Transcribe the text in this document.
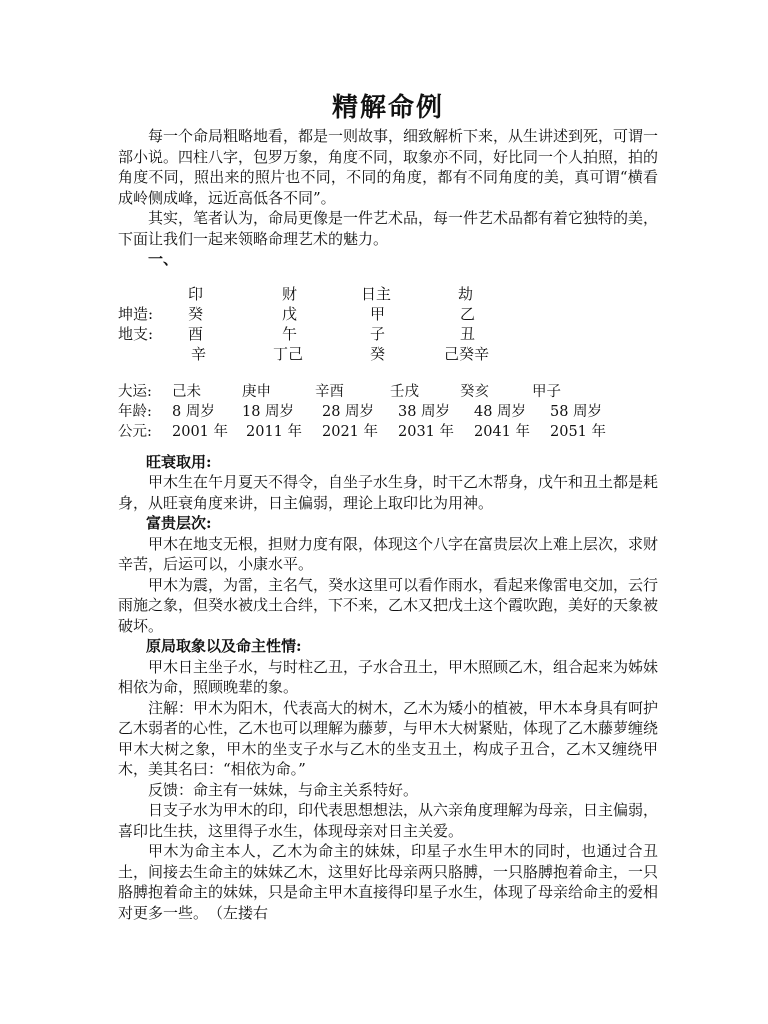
精解命例

每一个命局粗略地看，都是一则故事，细致解析下来，从生讲述到死，可谓一部小说。四柱八字，包罗万象，角度不同，取象亦不同，好比同一个人拍照，拍的角度不同，照出来的照片也不同，不同的角度，都有不同角度的美，真可谓“横看成岭侧成峰，远近高低各不同”。

其实，笔者认为，命局更像是一件艺术品，每一件艺术品都有着它独特的美，下面让我们一起来领略命理艺术的魅力。

一、
印	财	日主	劫
坤造: 癸	戊	甲	乙
地支: 酉	午	子	丑
辛	丁己	癸	己癸辛
大运: 己未	庚申	辛酉	壬戌	癸亥	甲子
年龄: 8 周岁 18 周岁 28 周岁 38 周岁 48 周岁 58 周岁
公元: 2001 年 2011 年 2021 年 2031 年 2041 年 2051 年
旺衰取用:

甲木生在午月夏天不得令，自坐子水生身，时干乙木帮身，戊午和丑土都是耗身，从旺衰角度来讲，日主偏弱，理论上取印比为用神。

富贵层次:

甲木在地支无根，担财力度有限，体现这个八字在富贵层次上难上层次，求财辛苦，后运可以，小康水平。

甲木为震，为雷，主名气，癸水这里可以看作雨水，看起来像雷电交加，云行雨施之象，但癸水被戊土合绊，下不来，乙木又把戊土这个霞吹跑，美好的天象被破坏。

原局取象以及命主性情:

甲木日主坐子水，与时柱乙丑，子水合丑土，甲木照顾乙木，组合起来为姊妹相依为命，照顾晚辈的象。

注解：甲木为阳木，代表高大的树木，乙木为矮小的植被，甲木本身具有呵护乙木弱者的心性，乙木也可以理解为藤萝，与甲木大树紧贴，体现了乙木藤萝缠绕甲木大树之象，甲木的坐支子水与乙木的坐支丑土，构成子丑合，乙木又缠绕甲木，美其名曰：“相依为命。”

反馈：命主有一妹妹，与命主关系特好。

日支子水为甲木的印，印代表思想想法，从六亲角度理解为母亲，日主偏弱，喜印比生扶，这里得子水生，体现母亲对日主关爱。

甲木为命主本人，乙木为命主的妹妹，印星子水生甲木的同时，也通过合丑土，间接去生命主的妹妹乙木，这里好比母亲两只胳膊，一只胳膊抱着命主，一只胳膊抱着命主的妹妹，只是命主甲木直接得印星子水生，体现了母亲给命主的爱相对更多一些。　（左搂右
